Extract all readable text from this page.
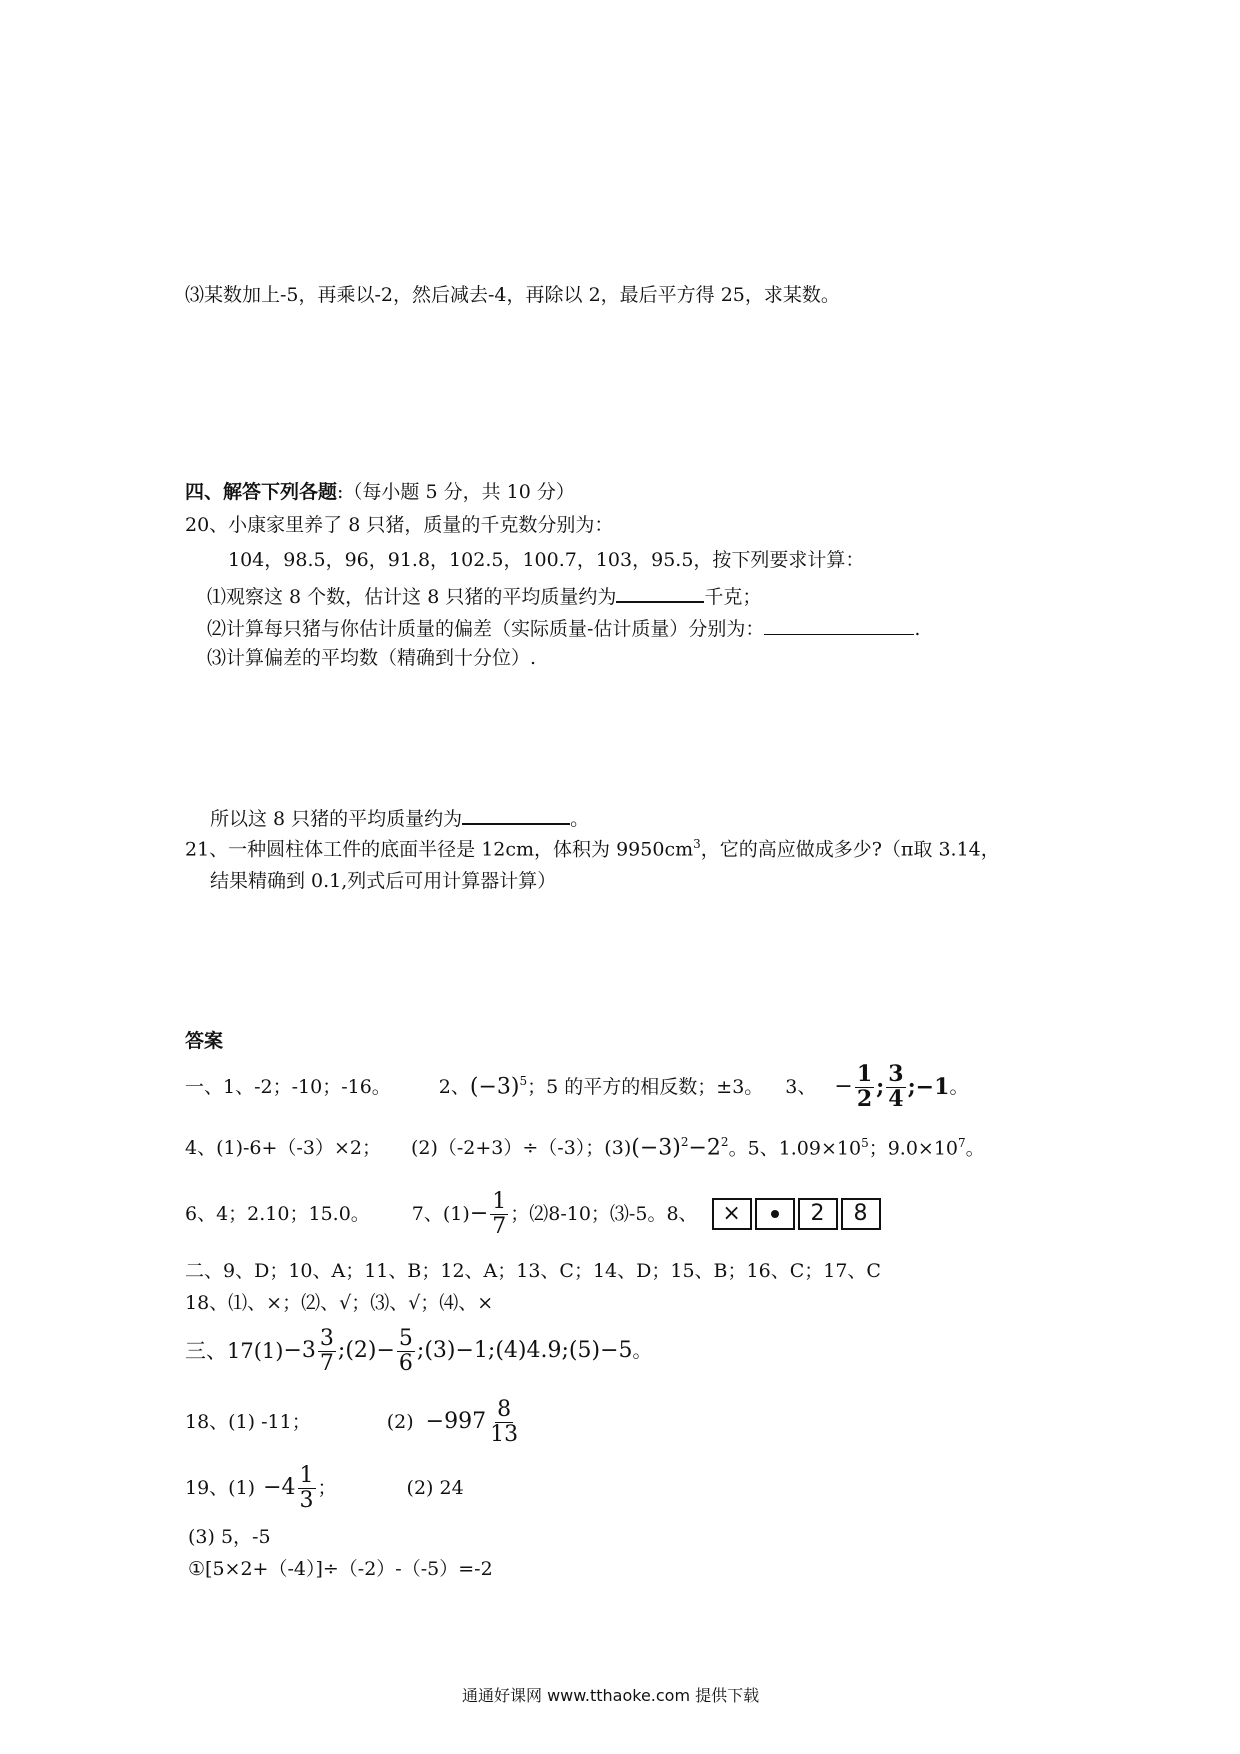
⑶某数加上-5，再乘以-2，然后减去-4，再除以 2，最后平方得 25，求某数。
四、解答下列各题:（每小题 5 分，共 10 分）
20、小康家里养了 8 只猪，质量的千克数分别为：
104，98.5，96，91.8，102.5，100.7，103，95.5，按下列要求计算：
⑴观察这 8 个数，估计这 8 只猪的平均质量约为	千克；
⑵计算每只猪与你估计质量的偏差（实际质量-估计质量）分别为：	.
⑶计算偏差的平均数（精确到十分位）.
所以这 8 只猪的平均质量约为	。
21、一种圆柱体工件的底面半径是 12cm，体积为 $9950cm^3$，它的高应做成多少?（π取 3.14，
结果精确到 0.1,列式后可用计算器计算）
答案
一、1、-2；-10；-16。	2、 $(-3)^5$ ；5 的平方的相反数；±3。 3、 − $\frac{1}{2}$ ; $\frac{3}{4}$ ;−1 。
4、(1)-6+（-3）×2； (2)（-2+3）÷（-3）；(3) $(-3)^2-2^2$ 。5、$1.09\times 10^5$；$9.0\times 10^7$。
6、4；2.10；15.0。 7、$(1) - \frac{1}{7}$ ；⑵8-10；⑶-5。8、	×	2	8
二、9、D；10、A；11、B；12、A；13、C；14、D；15、B；16、C；17、C
18、⑴、×；⑵、√；⑶、√；⑷、×
三、$17(1) -3 \frac{3}{7}$ ;(2) − $\frac{5}{6}$ ;(3)−1;(4)4.9;(5)−5 。
18、(1) -11；	$(2) -997 \frac{8}{13}$
19、$(1) -4 \frac{1}{3}$ ；	(2) 24
(3) 5，-5
①[5×2+（-4）]÷（-2）-（-5）=-2
通通好课网 www.tthaoke.com 提供下载
